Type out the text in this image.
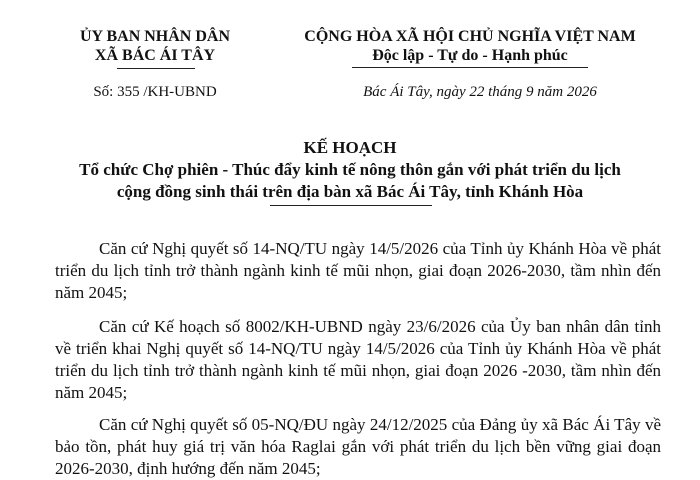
ỦY BAN NHÂN DÂN
XÃ BÁC ÁI TÂY
CỘNG HÒA XÃ HỘI CHỦ NGHĨA VIỆT NAM
Độc lập - Tự do - Hạnh phúc
Số: 355 /KH-UBND	Bác Ái Tây, ngày 22 tháng 9 năm 2026
KẾ HOẠCH
Tổ chức Chợ phiên - Thúc đẩy kinh tế nông thôn gắn với phát triển du lịch
cộng đồng sinh thái trên địa bàn xã Bác Ái Tây, tỉnh Khánh Hòa
Căn cứ Nghị quyết số 14-NQ/TU ngày 14/5/2026 của Tỉnh ủy Khánh Hòa về phát triển du lịch tỉnh trở thành ngành kinh tế mũi nhọn, giai đoạn 2026-2030, tầm nhìn đến năm 2045;
Căn cứ Kế hoạch số 8002/KH-UBND ngày 23/6/2026 của Ủy ban nhân dân tỉnh về triển khai Nghị quyết số 14-NQ/TU ngày 14/5/2026 của Tỉnh ủy Khánh Hòa về phát triển du lịch tỉnh trở thành ngành kinh tế mũi nhọn, giai đoạn 2026 -2030, tầm nhìn đến năm 2045;
Căn cứ Nghị quyết số 05-NQ/ĐU ngày 24/12/2025 của Đảng ủy xã Bác Ái Tây về bảo tồn, phát huy giá trị văn hóa Raglai gắn với phát triển du lịch bền vững giai đoạn 2026-2030, định hướng đến năm 2045;
